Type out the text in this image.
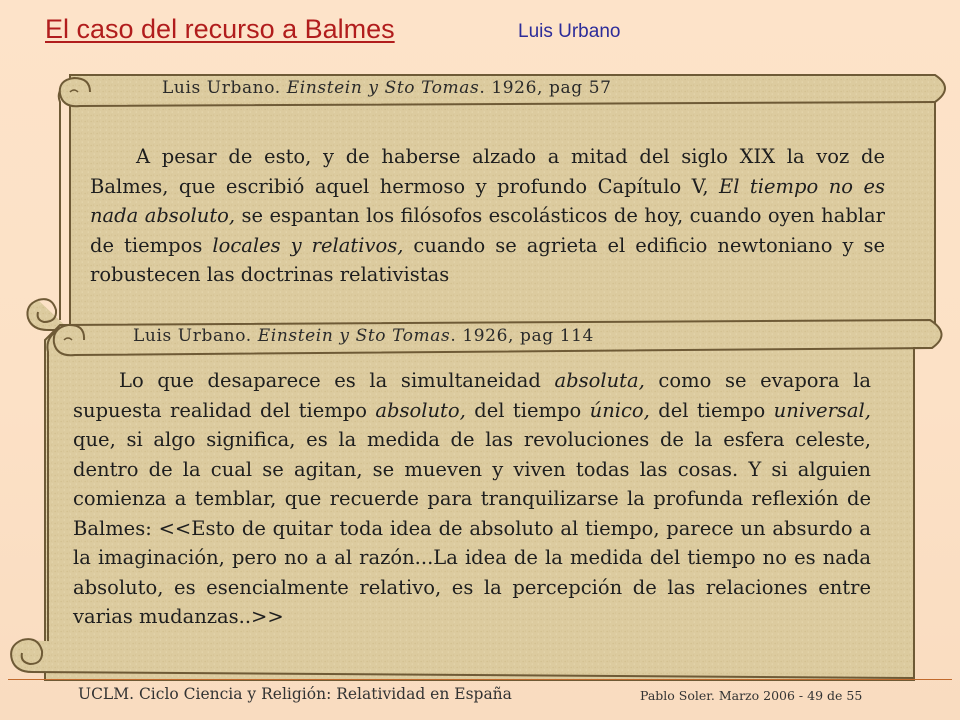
El caso del recurso a Balmes	Luis Urbano
Luis Urbano. Einstein y Sto Tomas. 1926, pag 57

A pesar de esto, y de haberse alzado a mitad del siglo XIX la voz de Balmes, que escribió aquel hermoso y profundo Capítulo V, El tiempo no es nada absoluto, se espantan los filósofos escolásticos de hoy, cuando oyen hablar de tiempos locales y relativos, cuando se agrieta el edificio newtoniano y se robustecen las doctrinas relativistas

Luis Urbano. Einstein y Sto Tomas. 1926, pag 114

Lo que desaparece es la simultaneidad absoluta, como se evapora la supuesta realidad del tiempo absoluto, del tiempo único, del tiempo universal, que, si algo significa, es la medida de las revoluciones de la esfera celeste, dentro de la cual se agitan, se mueven y viven todas las cosas. Y si alguien comienza a temblar, que recuerde para tranquilizarse la profunda reflexión de Balmes: <<Esto de quitar toda idea de absoluto al tiempo, parece un absurdo a la imaginación, pero no a al razón...La idea de la medida del tiempo no es nada absoluto, es esencialmente relativo, es la percepción de las relaciones entre varias mudanzas..>>

UCLM. Ciclo Ciencia y Religión: Relatividad en España	Pablo Soler. Marzo 2006 - 49 de 55
